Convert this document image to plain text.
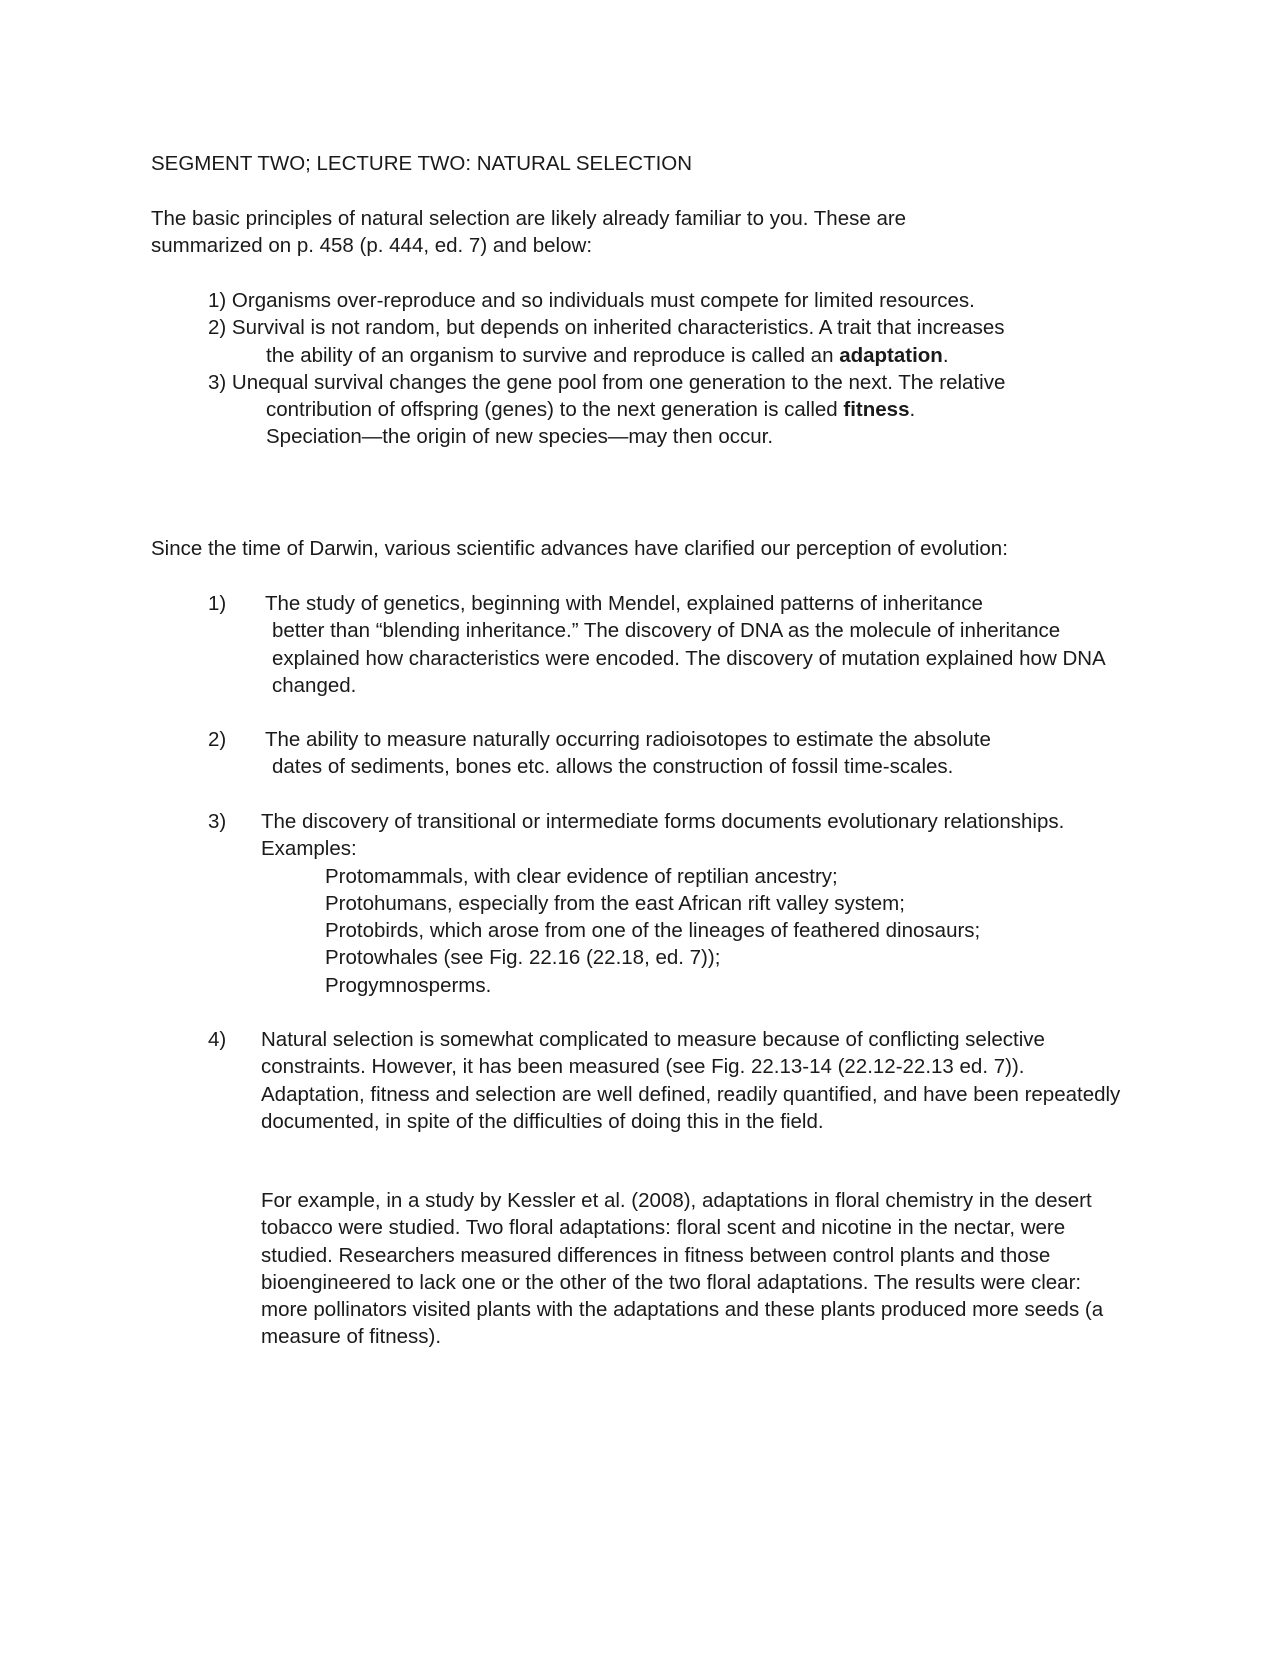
SEGMENT TWO; LECTURE TWO: NATURAL SELECTION

The basic principles of natural selection are likely already familiar to you. These are summarized on p. 458 (p. 444, ed. 7) and below:

1) Organisms over-reproduce and so individuals must compete for limited resources.
2) Survival is not random, but depends on inherited characteristics. A trait that increases the ability of an organism to survive and reproduce is called an adaptation.
3) Unequal survival changes the gene pool from one generation to the next. The relative contribution of offspring (genes) to the next generation is called fitness. Speciation—the origin of new species—may then occur.

Since the time of Darwin, various scientific advances have clarified our perception of evolution:

1) The study of genetics, beginning with Mendel, explained patterns of inheritance
better than “blending inheritance.” The discovery of DNA as the molecule of inheritance explained how characteristics were encoded. The discovery of mutation explained how DNA changed.
2) The ability to measure naturally occurring radioisotopes to estimate the absolute
dates of sediments, bones etc. allows the construction of fossil time-scales.
3) The discovery of transitional or intermediate forms documents evolutionary relationships. Examples:
Protomammals, with clear evidence of reptilian ancestry;
Protohumans, especially from the east African rift valley system;
Protobirds, which arose from one of the lineages of feathered dinosaurs;
Protowhales (see Fig. 22.16 (22.18, ed. 7));
Progymnosperms.
4) Natural selection is somewhat complicated to measure because of conflicting selective constraints. However, it has been measured (see Fig. 22.13-14 (22.12-22.13 ed. 7)). Adaptation, fitness and selection are well defined, readily quantified, and have been repeatedly documented, in spite of the difficulties of doing this in the field.

For example, in a study by Kessler et al. (2008), adaptations in floral chemistry in the desert tobacco were studied. Two floral adaptations: floral scent and nicotine in the nectar, were studied. Researchers measured differences in fitness between control plants and those bioengineered to lack one or the other of the two floral adaptations. The results were clear: more pollinators visited plants with the adaptations and these plants produced more seeds (a measure of fitness).
